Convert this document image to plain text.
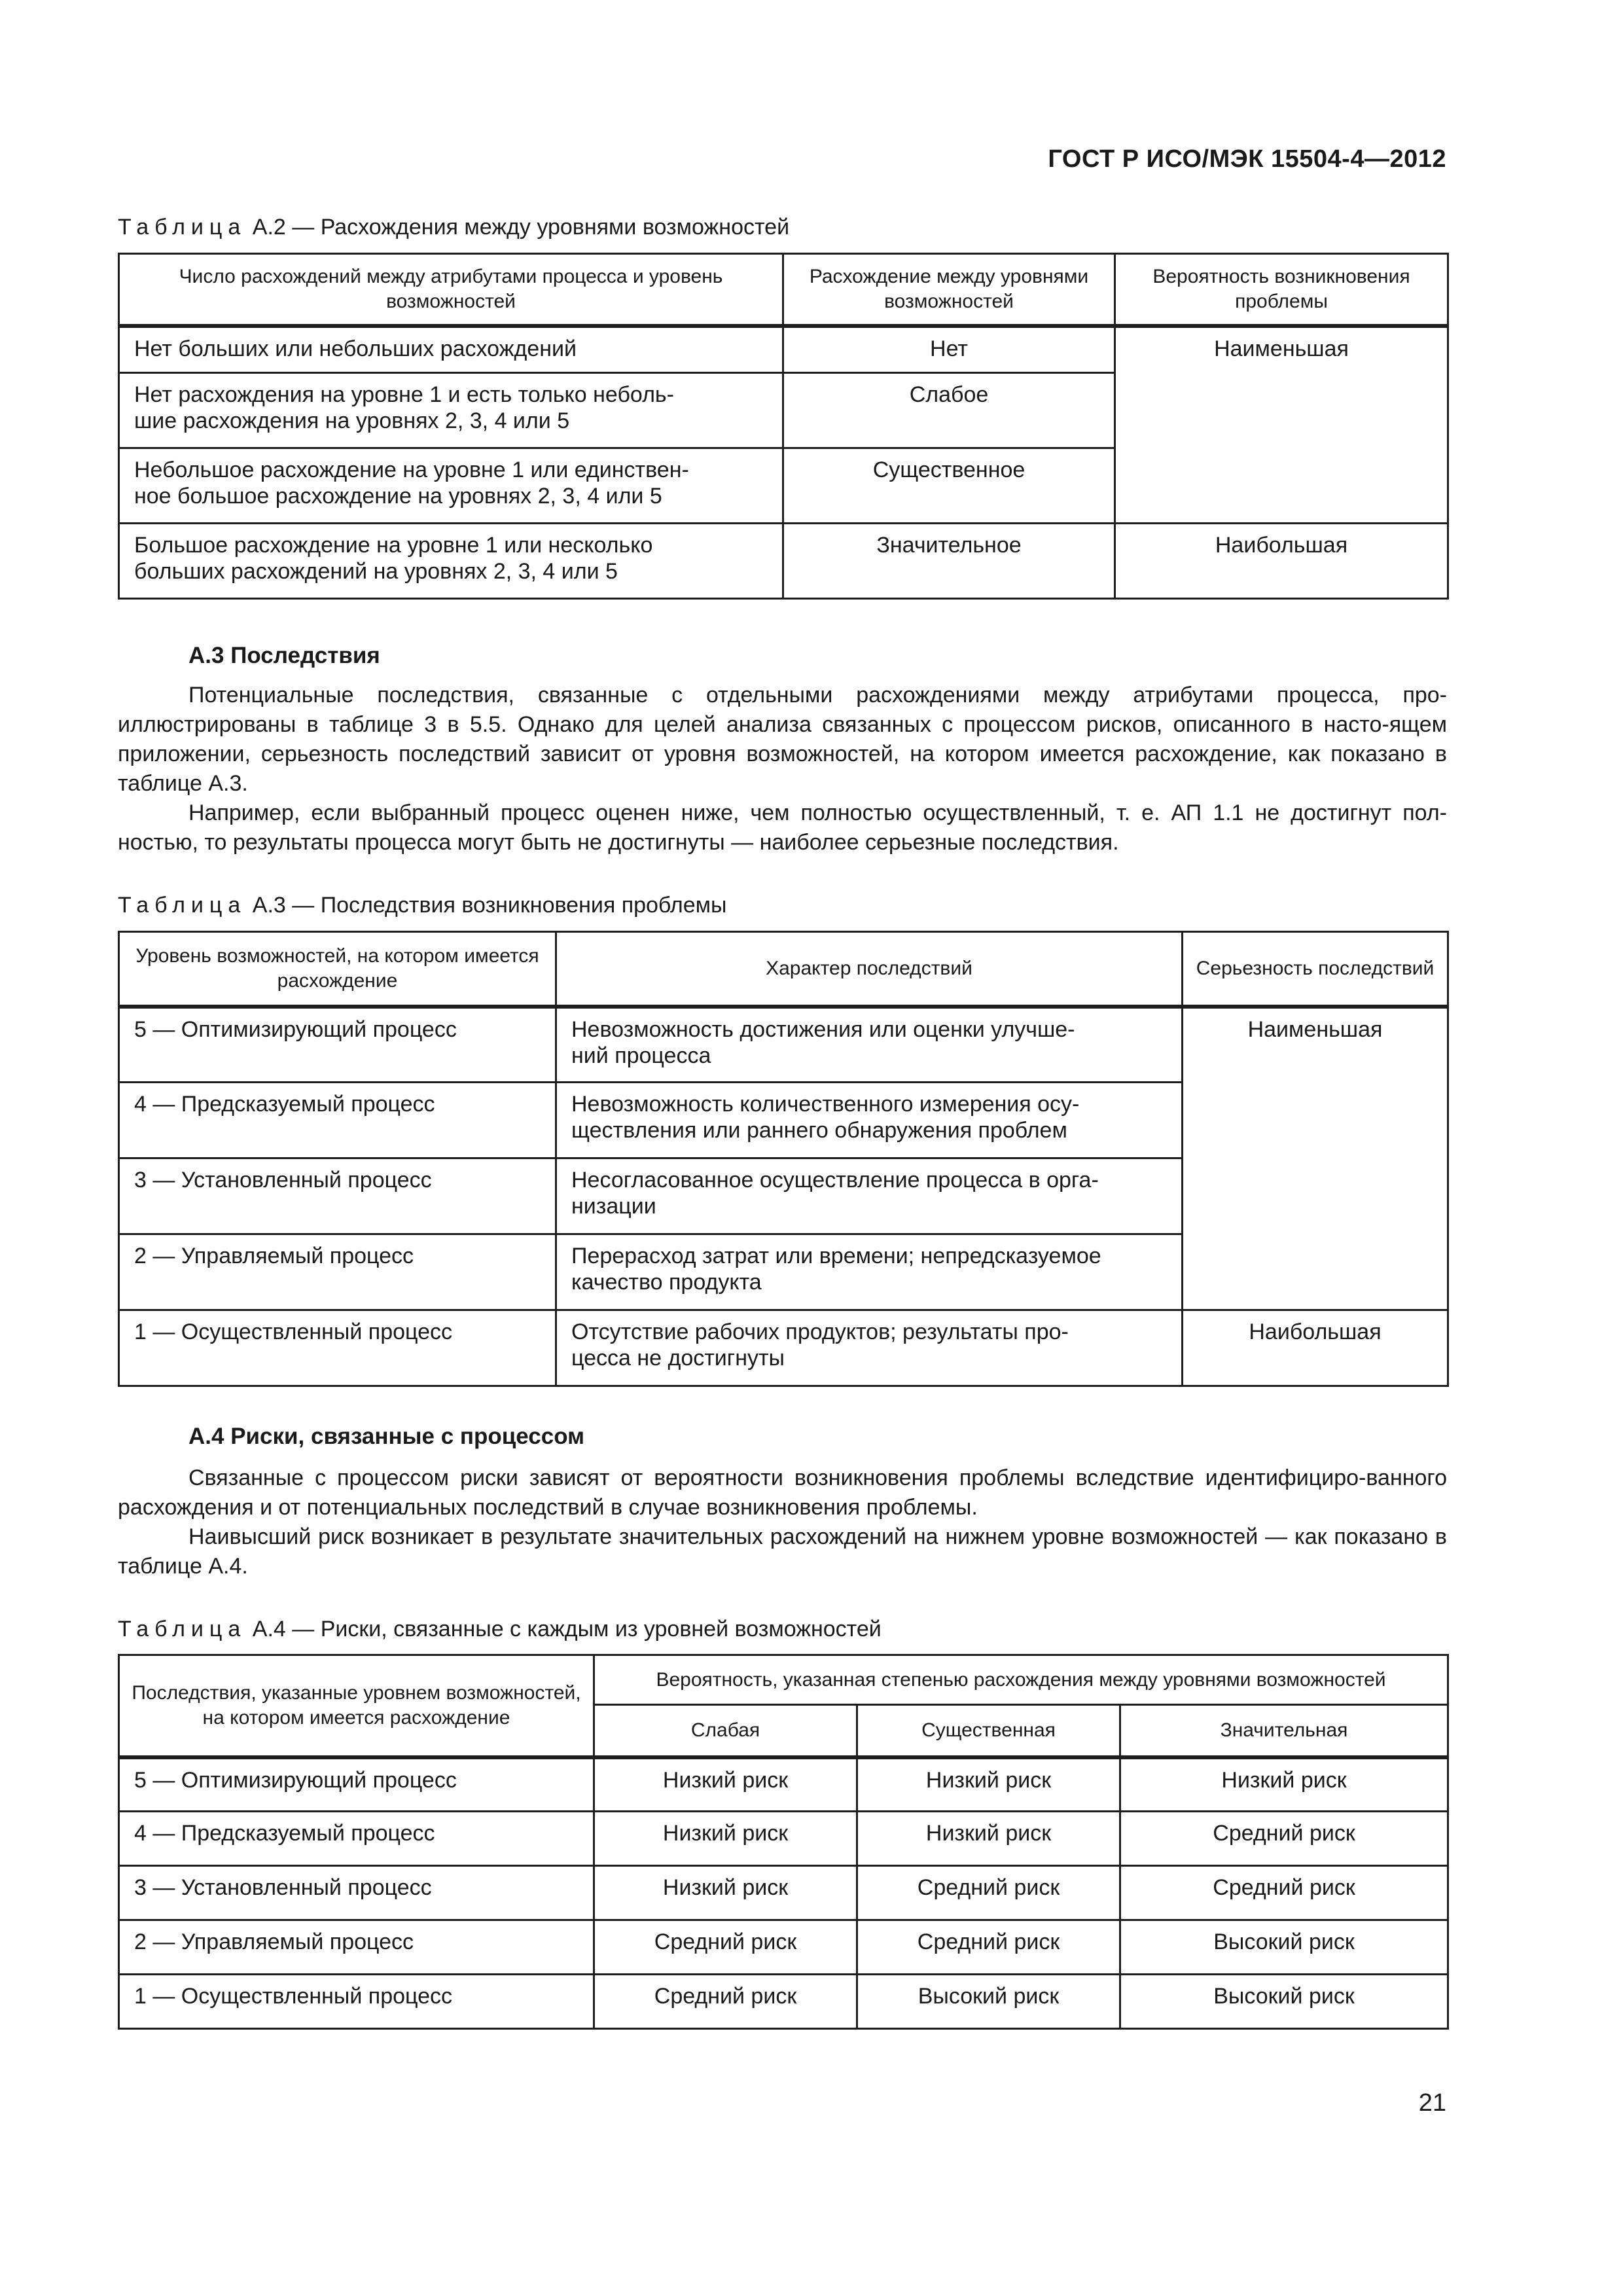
ГОСТ Р ИСО/МЭК 15504-4—2012
Таблица А.2 — Расхождения между уровнями возможностей
Число расхождений между атрибутами процесса и уровень возможностей	Расхождение между уровнями возможностей	Вероятность возникновения проблемы
Нет больших или небольших расхождений	Нет	Наименьшая
Нет расхождения на уровне 1 и есть только неболь-
шие расхождения на уровнях 2, 3, 4 или 5	Слабое	
Небольшое расхождение на уровне 1 или единствен-
ное большое расхождение на уровнях 2, 3, 4 или 5	Существенное	
Большое расхождение на уровне 1 или несколько
больших расхождений на уровнях 2, 3, 4 или 5	Значительное	Наибольшая
А.3 Последствия

Потенциальные последствия, связанные с отдельными расхождениями между атрибутами процесса, про-иллюстрированы в таблице 3 в 5.5. Однако для целей анализа связанных с процессом рисков, описанного в насто-ящем приложении, серьезность последствий зависит от уровня возможностей, на котором имеется расхождение, как показано в таблице А.3.

Например, если выбранный процесс оценен ниже, чем полностью осуществленный, т. е. АП 1.1 не достигнут пол-ностью, то результаты процесса могут быть не достигнуты — наиболее серьезные последствия.

Таблица А.3 — Последствия возникновения проблемы
Уровень возможностей, на котором имеется расхождение	Характер последствий	Серьезность последствий
5 — Оптимизирующий процесс	Невозможность достижения или оценки улучше-
ний процесса	Наименьшая
4 — Предсказуемый процесс	Невозможность количественного измерения осу-
ществления или раннего обнаружения проблем	
3 — Установленный процесс	Несогласованное осуществление процесса в орга-
низации	
2 — Управляемый процесс	Перерасход затрат или времени; непредсказуемое
качество продукта	
1 — Осуществленный процесс	Отсутствие рабочих продуктов; результаты про-
цесса не достигнуты	Наибольшая
А.4 Риски, связанные с процессом

Связанные с процессом риски зависят от вероятности возникновения проблемы вследствие идентифициро-ванного расхождения и от потенциальных последствий в случае возникновения проблемы.

Наивысший риск возникает в результате значительных расхождений на нижнем уровне возможностей — как показано в таблице А.4.

Таблица А.4 — Риски, связанные с каждым из уровней возможностей
Последствия, указанные уровнем возможностей, на котором имеется расхождение	Вероятность, указанная степенью расхождения между уровнями возможностей		
	Слабая	Существенная	Значительная
5 — Оптимизирующий процесс	Низкий риск	Низкий риск	Низкий риск
4 — Предсказуемый процесс	Низкий риск	Низкий риск	Средний риск
3 — Установленный процесс	Низкий риск	Средний риск	Средний риск
2 — Управляемый процесс	Средний риск	Средний риск	Высокий риск
1 — Осуществленный процесс	Средний риск	Высокий риск	Высокий риск
21
